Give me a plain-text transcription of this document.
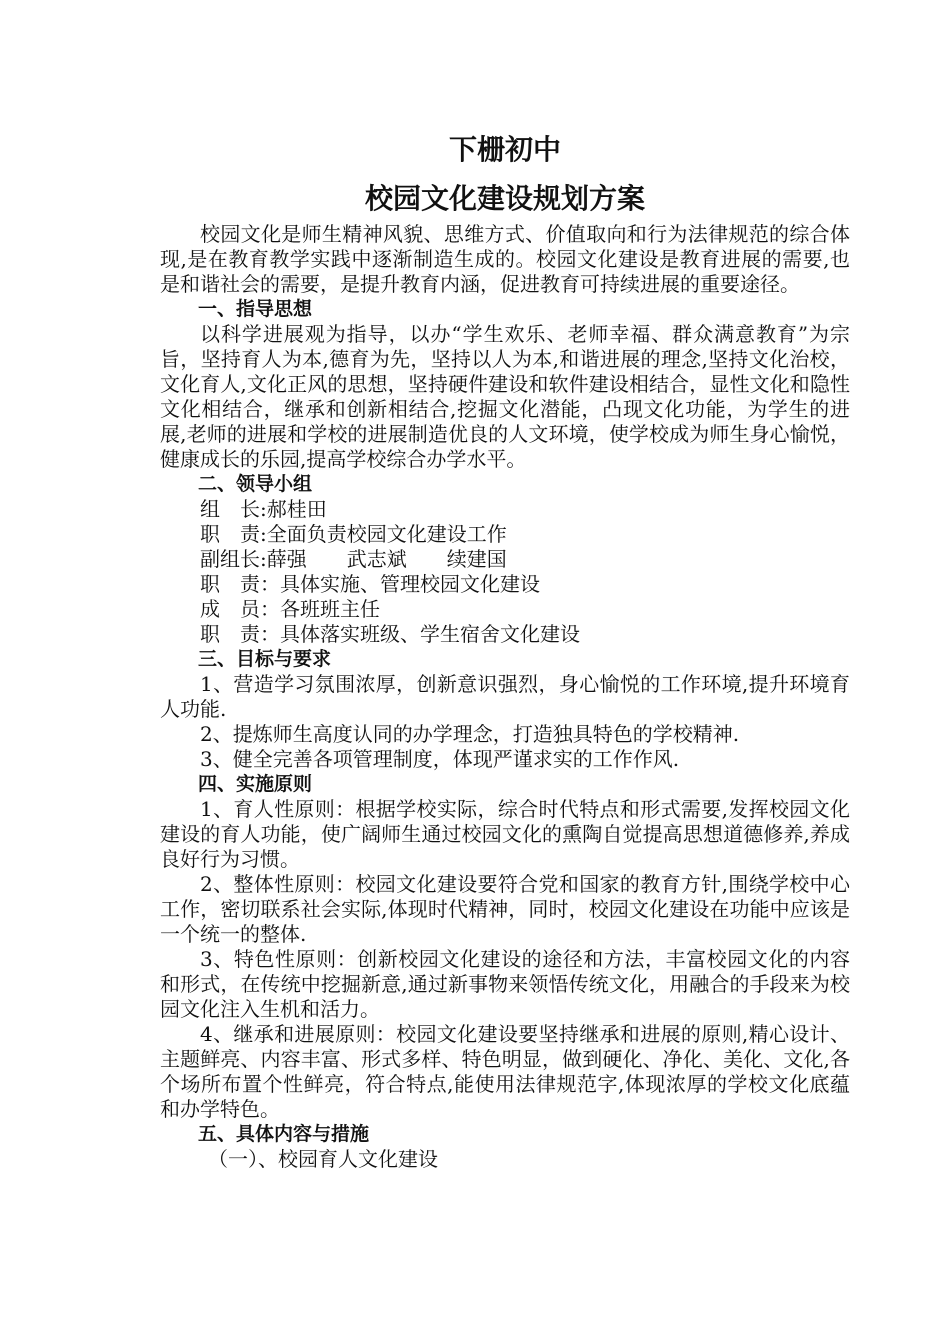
下栅初中
校园文化建设规划方案

校园文化是师生精神风貌、思维方式、价值取向和行为法律规范的综合体现,是在教育教学实践中逐渐制造生成的。校园文化建设是教育进展的需要,也是和谐社会的需要，是提升教育内涵，促进教育可持续进展的重要途径。

一、指导思想

以科学进展观为指导，以办“学生欢乐、老师幸福、群众满意教育”为宗旨，坚持育人为本,德育为先，坚持以人为本,和谐进展的理念,坚持文化治校，文化育人,文化正风的思想，坚持硬件建设和软件建设相结合，显性文化和隐性文化相结合，继承和创新相结合,挖掘文化潜能，凸现文化功能，为学生的进展,老师的进展和学校的进展制造优良的人文环境，使学校成为师生身心愉悦，健康成长的乐园,提高学校综合办学水平。

二、领导小组

组　长:郝桂田

职　责:全面负责校园文化建设工作

副组长:薛强　　武志斌　　续建国

职　责：具体实施、管理校园文化建设

成　员：各班班主任

职　责：具体落实班级、学生宿舍文化建设

三、目标与要求

1、营造学习氛围浓厚，创新意识强烈，身心愉悦的工作环境,提升环境育人功能.

2、提炼师生高度认同的办学理念，打造独具特色的学校精神.

3、健全完善各项管理制度，体现严谨求实的工作作风.

四、实施原则

1、育人性原则：根据学校实际，综合时代特点和形式需要,发挥校园文化建设的育人功能，使广阔师生通过校园文化的熏陶自觉提高思想道德修养,养成良好行为习惯。

2、整体性原则：校园文化建设要符合党和国家的教育方针,围绕学校中心工作，密切联系社会实际,体现时代精神，同时，校园文化建设在功能中应该是一个统一的整体.

3、特色性原则：创新校园文化建设的途径和方法，丰富校园文化的内容和形式，在传统中挖掘新意,通过新事物来领悟传统文化，用融合的手段来为校园文化注入生机和活力。

4、继承和进展原则：校园文化建设要坚持继承和进展的原则,精心设计、主题鲜亮、内容丰富、形式多样、特色明显，做到硬化、净化、美化、文化,各个场所布置个性鲜亮，符合特点,能使用法律规范字,体现浓厚的学校文化底蕴和办学特色。

五、具体内容与措施

（一）、校园育人文化建设
